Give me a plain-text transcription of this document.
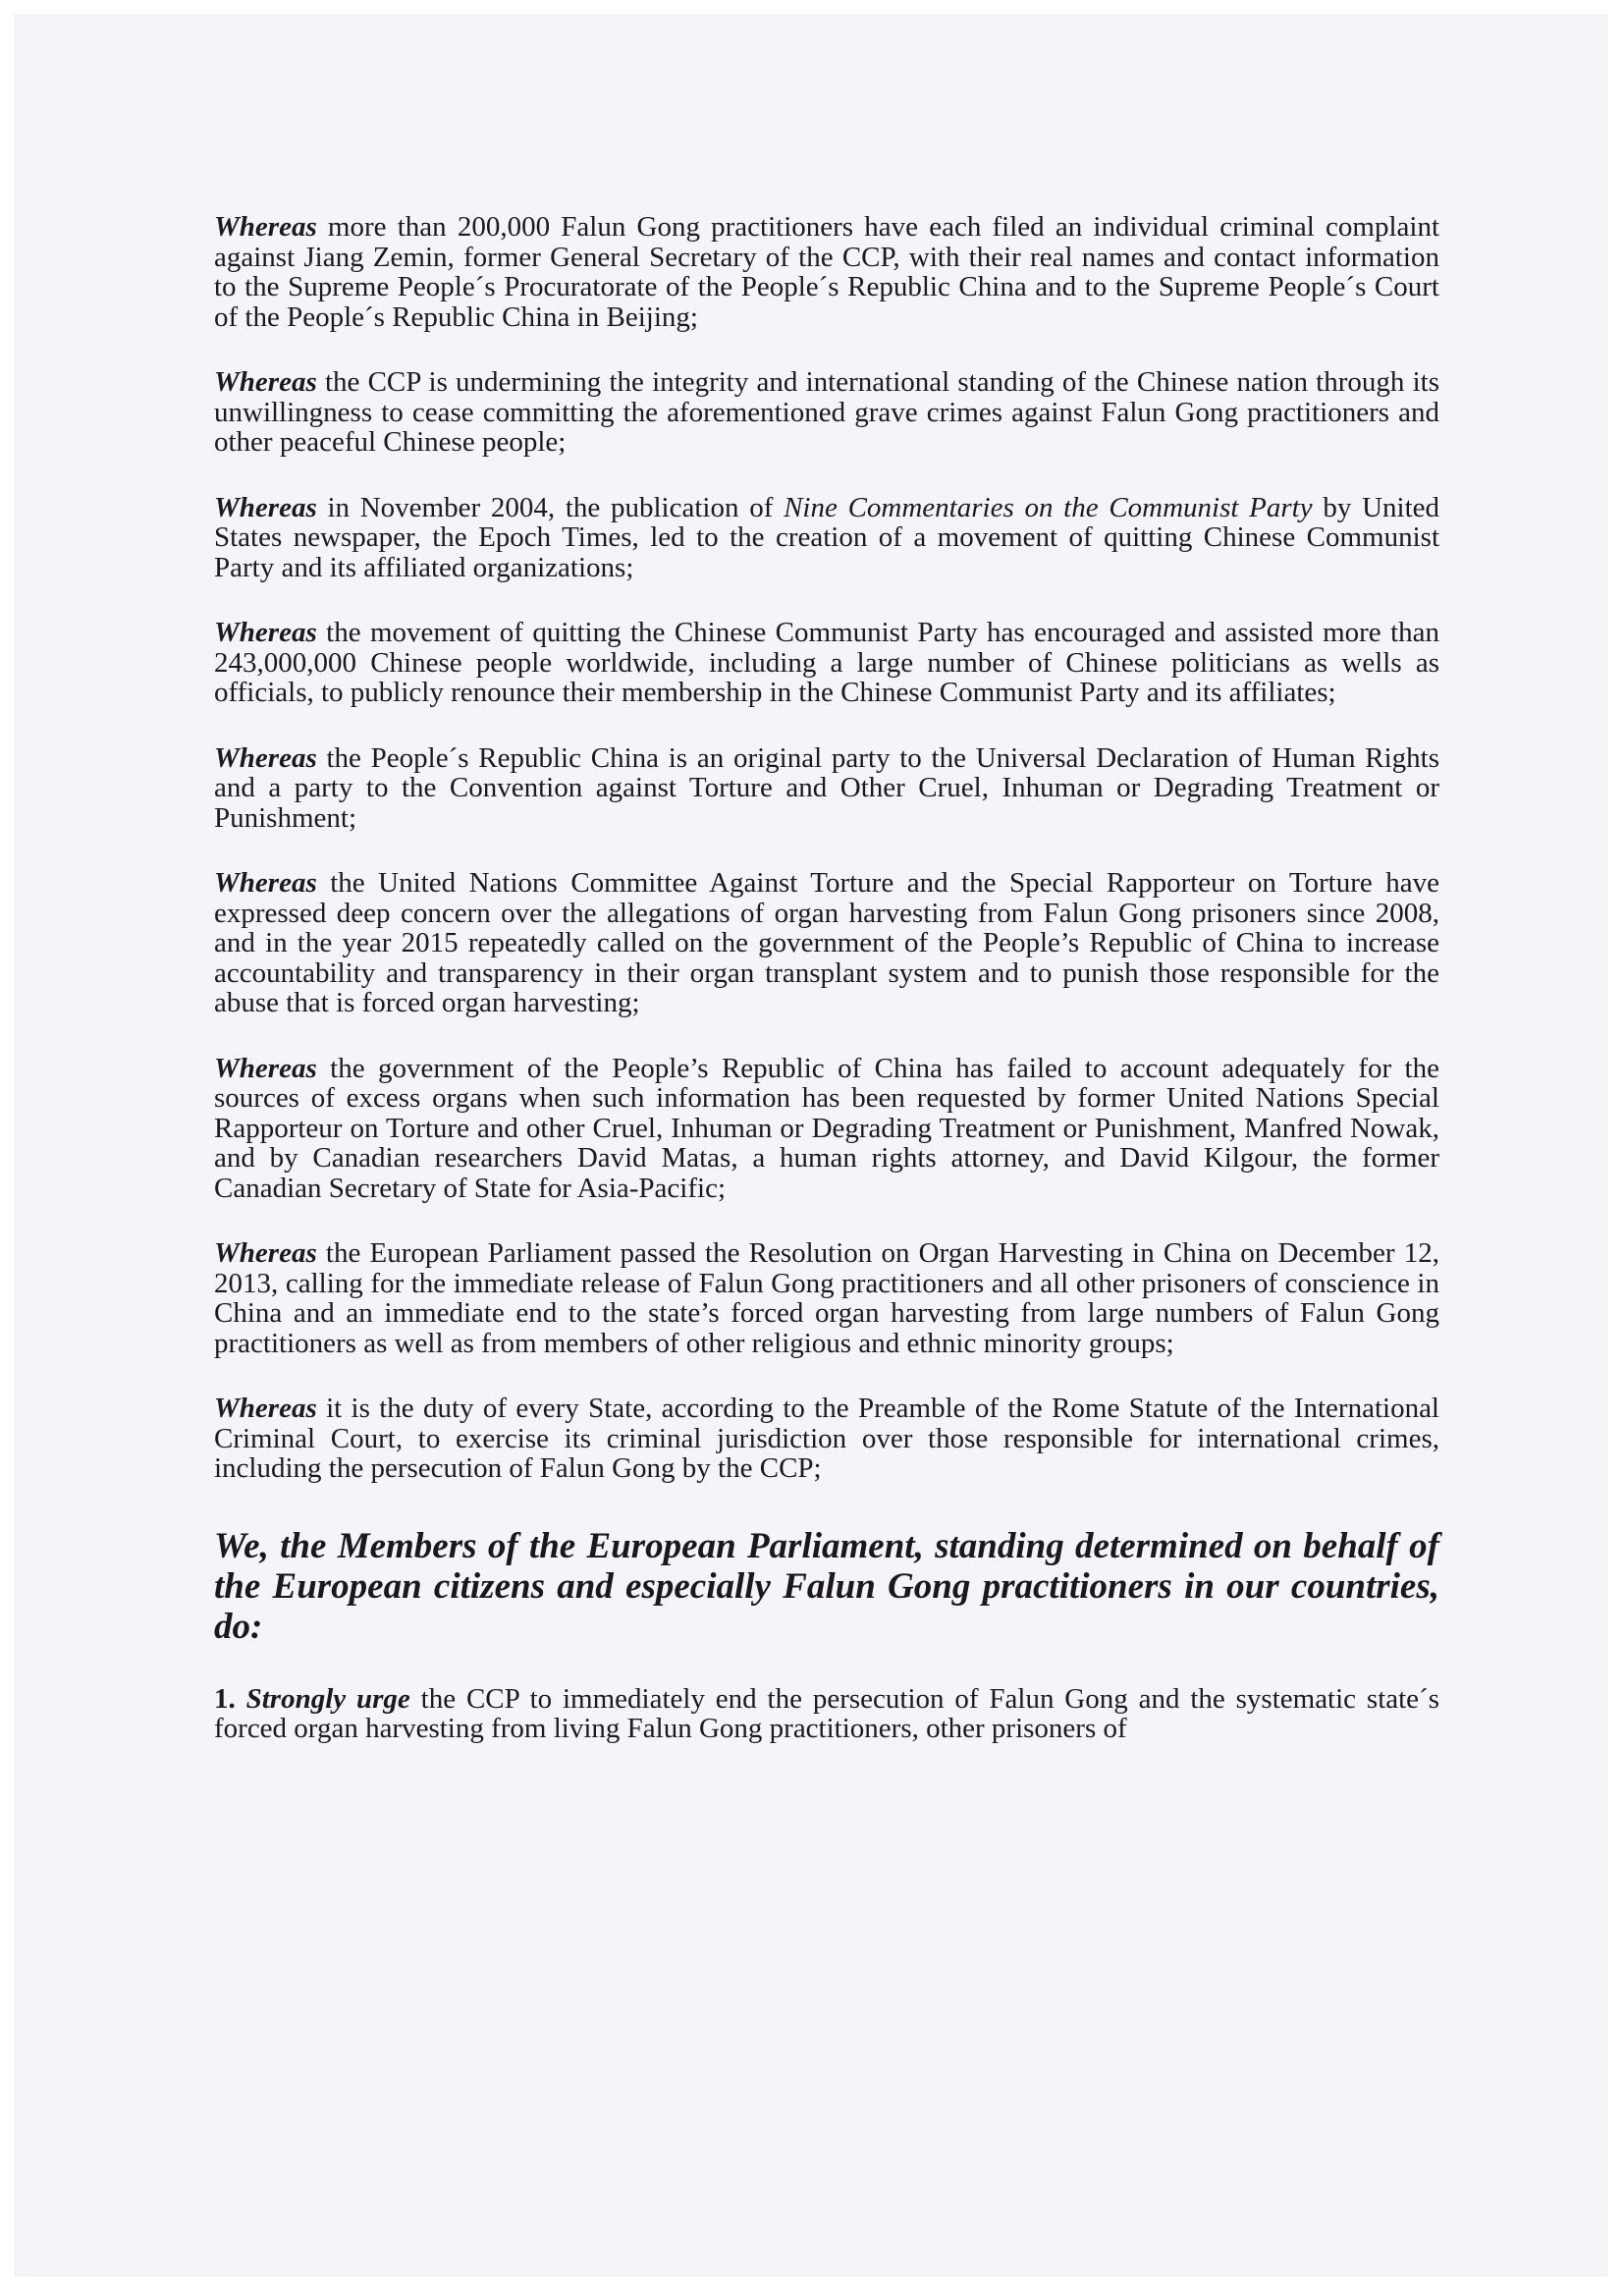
Whereas more than 200,000 Falun Gong practitioners have each filed an individual criminal complaint against Jiang Zemin, former General Secretary of the CCP, with their real names and contact information to the Supreme People´s Procuratorate of the People´s Republic China and to the Supreme People´s Court of the People´s Republic China in Beijing;

Whereas the CCP is undermining the integrity and international standing of the Chinese nation through its unwillingness to cease committing the aforementioned grave crimes against Falun Gong practitioners and other peaceful Chinese people;

Whereas in November 2004, the publication of Nine Commentaries on the Communist Party by United States newspaper, the Epoch Times, led to the creation of a movement of quitting Chinese Communist Party and its affiliated organizations;

Whereas the movement of quitting the Chinese Communist Party has encouraged and assisted more than 243,000,000 Chinese people worldwide, including a large number of Chinese politicians as wells as officials, to publicly renounce their membership in the Chinese Communist Party and its affiliates;

Whereas the People´s Republic China is an original party to the Universal Declaration of Human Rights and a party to the Convention against Torture and Other Cruel, Inhuman or Degrading Treatment or Punishment;

Whereas the United Nations Committee Against Torture and the Special Rapporteur on Torture have expressed deep concern over the allegations of organ harvesting from Falun Gong prisoners since 2008, and in the year 2015 repeatedly called on the government of the People’s Republic of China to increase accountability and transparency in their organ transplant system and to punish those responsible for the abuse that is forced organ harvesting;

Whereas the government of the People’s Republic of China has failed to account adequately for the sources of excess organs when such information has been requested by former United Nations Special Rapporteur on Torture and other Cruel, Inhuman or Degrading Treatment or Punishment, Manfred Nowak, and by Canadian researchers David Matas, a human rights attorney, and David Kilgour, the former Canadian Secretary of State for Asia-Pacific;

Whereas the European Parliament passed the Resolution on Organ Harvesting in China on December 12, 2013, calling for the immediate release of Falun Gong practitioners and all other prisoners of conscience in China and an immediate end to the state’s forced organ harvesting from large numbers of Falun Gong practitioners as well as from members of other religious and ethnic minority groups;

Whereas it is the duty of every State, according to the Preamble of the Rome Statute of the International Criminal Court, to exercise its criminal jurisdiction over those responsible for international crimes, including the persecution of Falun Gong by the CCP;

We, the Members of the European Parliament, standing determined on behalf of the European citizens and especially Falun Gong practitioners in our countries, do:

1. Strongly urge the CCP to immediately end the persecution of Falun Gong and the systematic state´s forced organ harvesting from living Falun Gong practitioners, other prisoners of
